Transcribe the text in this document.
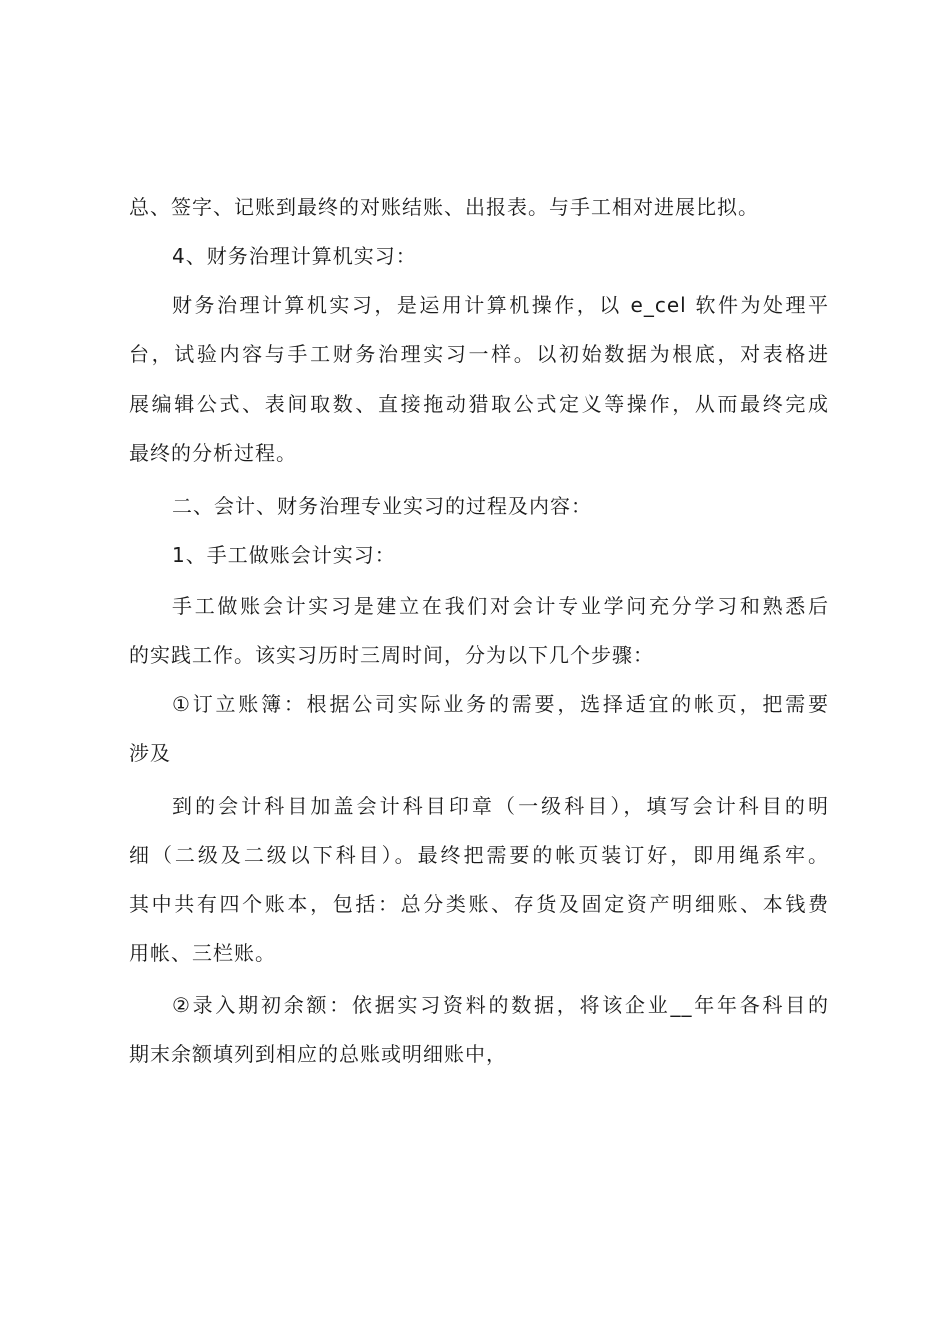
总、签字、记账到最终的对账结账、出报表。与手工相对进展比拟。
4、财务治理计算机实习：
财务治理计算机实习，是运用计算机操作，以 e_cel 软件为处理平
台，试验内容与手工财务治理实习一样。以初始数据为根底，对表格进
展编辑公式、表间取数、直接拖动猎取公式定义等操作，从而最终完成
最终的分析过程。
二、会计、财务治理专业实习的过程及内容：
1、手工做账会计实习：
手工做账会计实习是建立在我们对会计专业学问充分学习和熟悉后
的实践工作。该实习历时三周时间，分为以下几个步骤：
①订立账簿：根据公司实际业务的需要，选择适宜的帐页，把需要
涉及
到的会计科目加盖会计科目印章（一级科目），填写会计科目的明
细（二级及二级以下科目）。最终把需要的帐页装订好，即用绳系牢。
其中共有四个账本，包括：总分类账、存货及固定资产明细账、本钱费
用帐、三栏账。
②录入期初余额：依据实习资料的数据，将该企业__年年各科目的
期末余额填列到相应的总账或明细账中，
